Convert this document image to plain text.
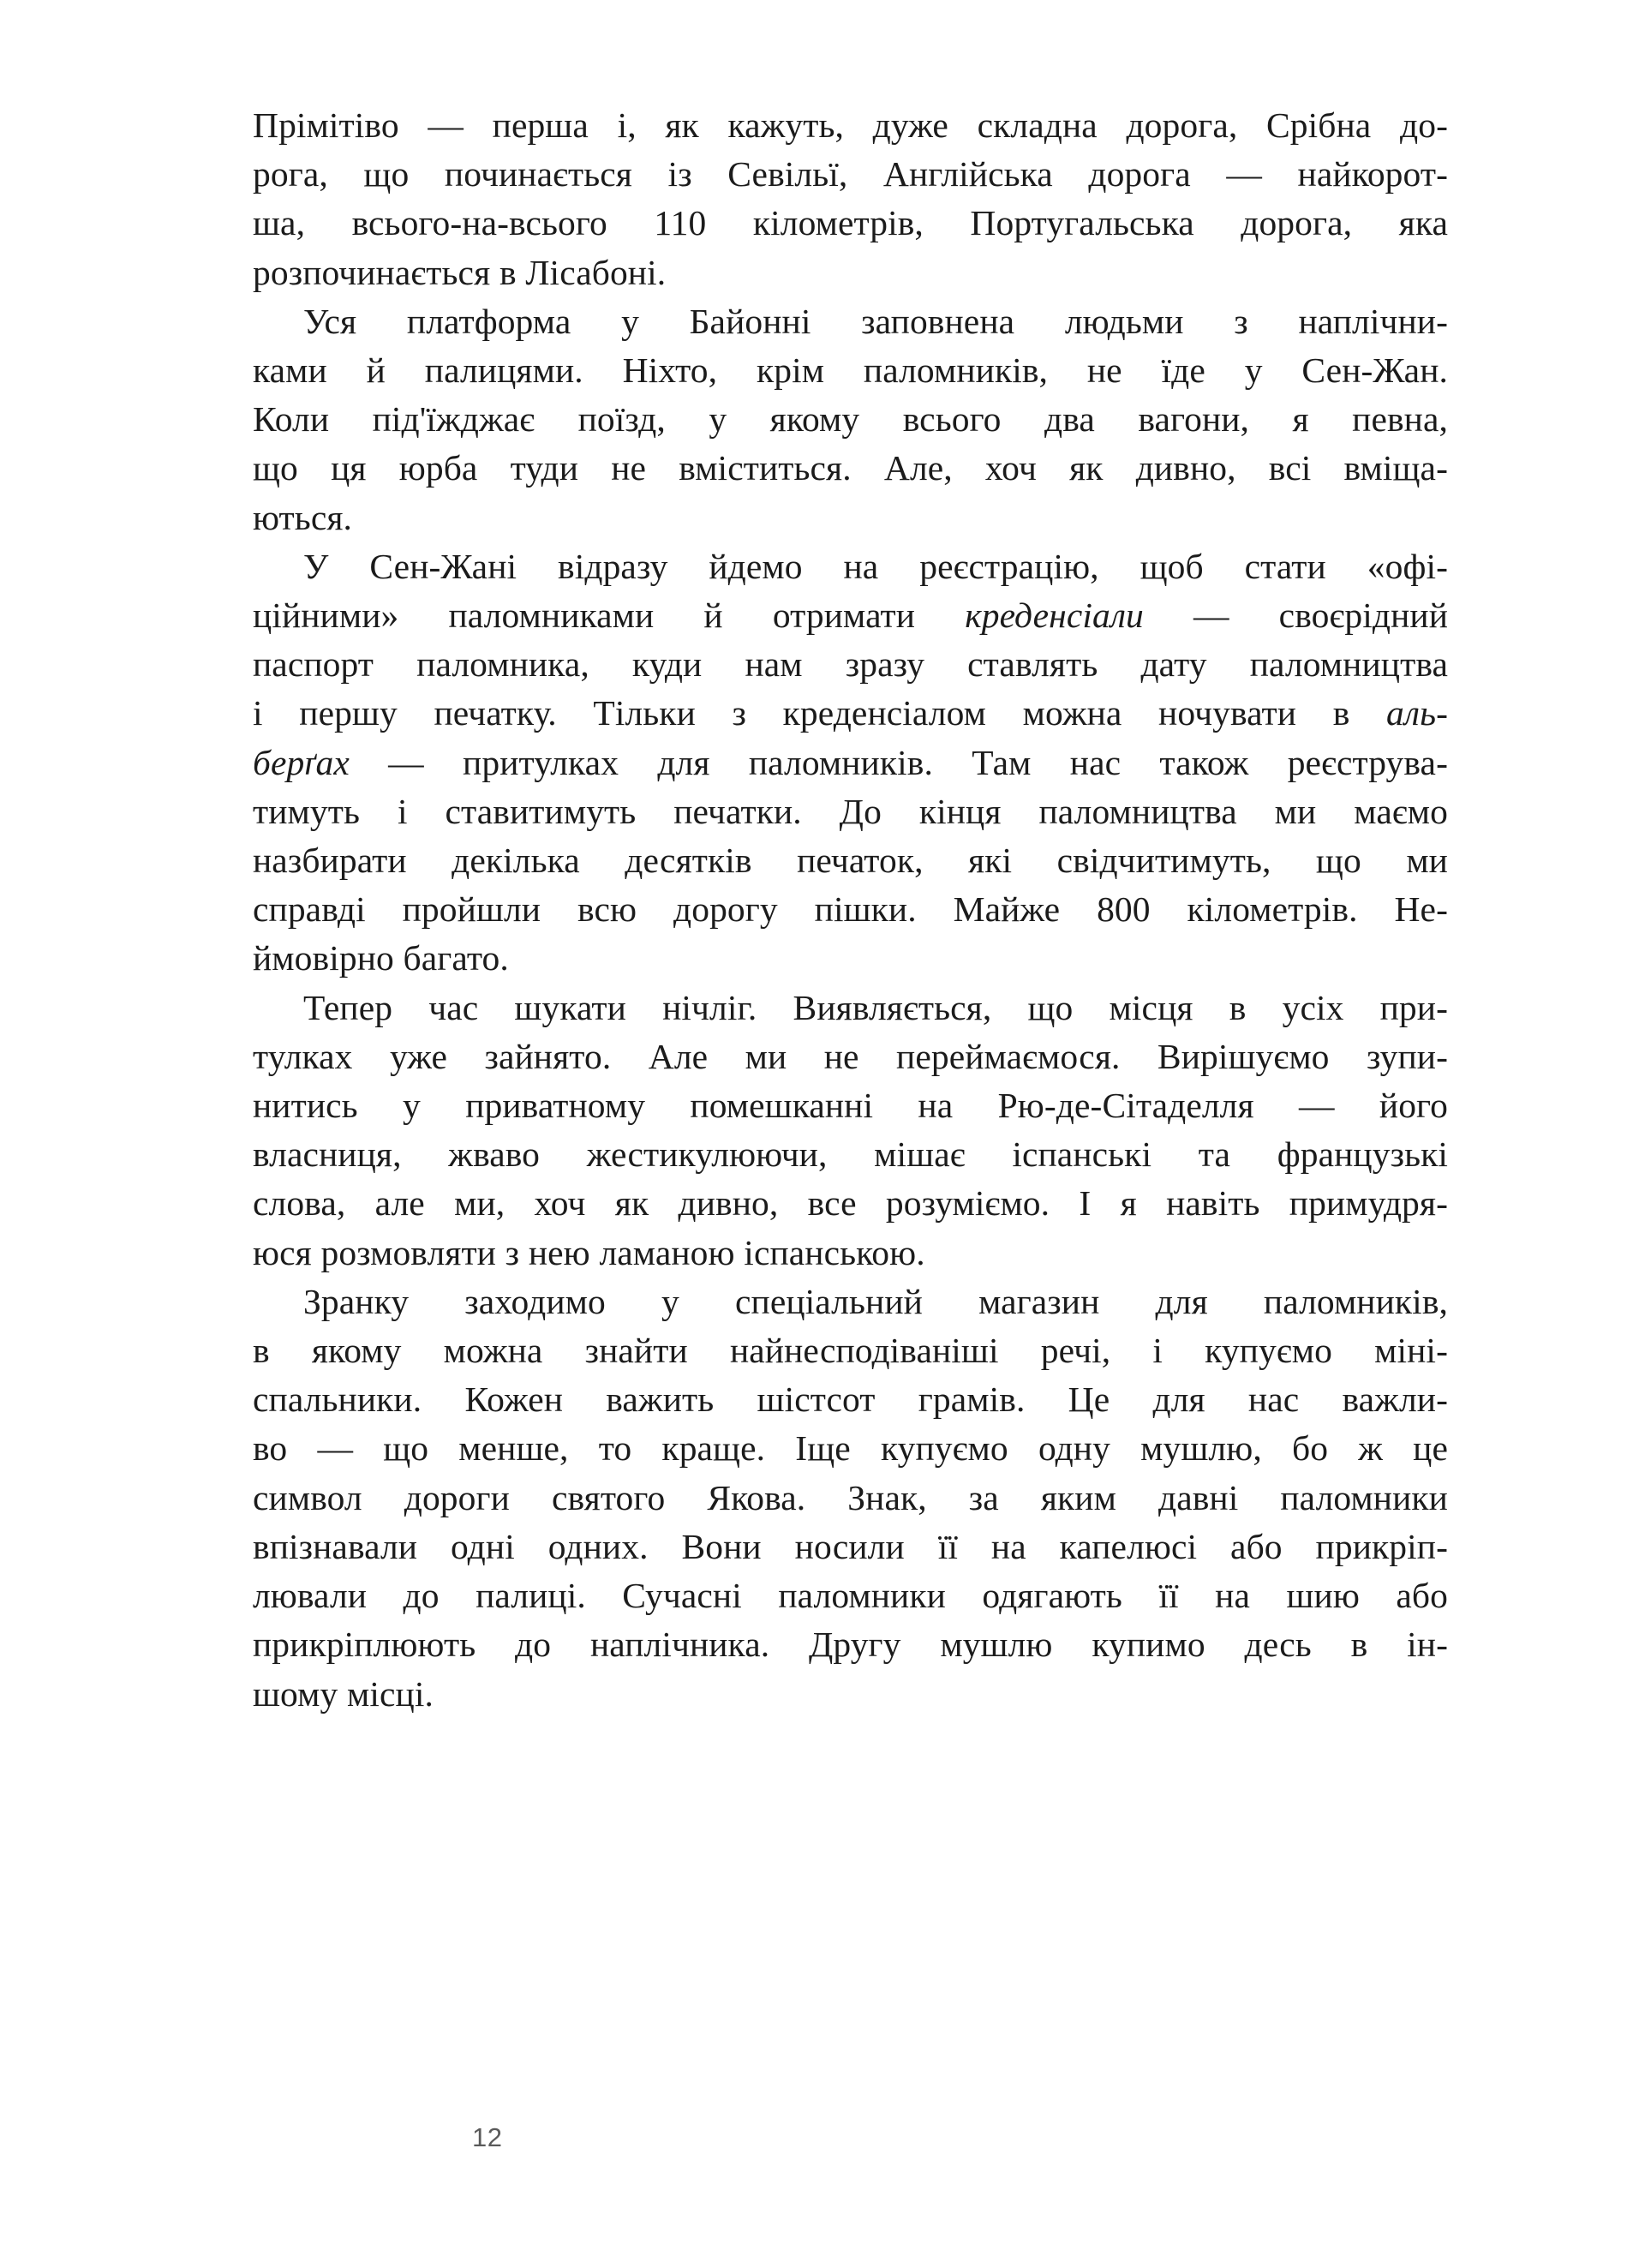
Прімітіво — перша і, як кажуть, дуже складна дорога, Срібна до-
рога, що починається із Севільї, Англійська дорога — найкорот-
ша, всього-на-всього 110 кілометрів, Португальська дорога, яка
розпочинається в Лісабоні.

Уся платформа у Байонні заповнена людьми з наплічни-
ками й палицями. Ніхто, крім паломників, не їде у Сен-Жан.
Коли під'їжджає поїзд, у якому всього два вагони, я певна,
що ця юрба туди не вміститься. Але, хоч як дивно, всі вміща-
ються.

У Сен-Жані відразу йдемо на реєстрацію, щоб стати «офі-
ційними» паломниками й отримати креденсіали — своєрідний
паспорт паломника, куди нам зразу ставлять дату паломництва
і першу печатку. Тільки з креденсіалом можна ночувати в аль-
берґах — притулках для паломників. Там нас також реєструва-
тимуть і ставитимуть печатки. До кінця паломництва ми маємо
назбирати декілька десятків печаток, які свідчитимуть, що ми
справді пройшли всю дорогу пішки. Майже 800 кілометрів. Не-
ймовірно багато.

Тепер час шукати нічліг. Виявляється, що місця в усіх при-
тулках уже зайнято. Але ми не переймаємося. Вирішуємо зупи-
нитись у приватному помешканні на Рю-де-Сітаделля — його
власниця, жваво жестикулюючи, мішає іспанські та французькі
слова, але ми, хоч як дивно, все розуміємо. І я навіть примудря-
юся розмовляти з нею ламаною іспанською.

Зранку заходимо у спеціальний магазин для паломників,
в якому можна знайти найнесподіваніші речі, і купуємо міні-
спальники. Кожен важить шістсот грамів. Це для нас важли-
во — що менше, то краще. Іще купуємо одну мушлю, бо ж це
символ дороги святого Якова. Знак, за яким давні паломники
впізнавали одні одних. Вони носили її на капелюсі або прикріп-
лювали до палиці. Сучасні паломники одягають її на шию або
прикріплюють до наплічника. Другу мушлю купимо десь в ін-
шому місці.

12
